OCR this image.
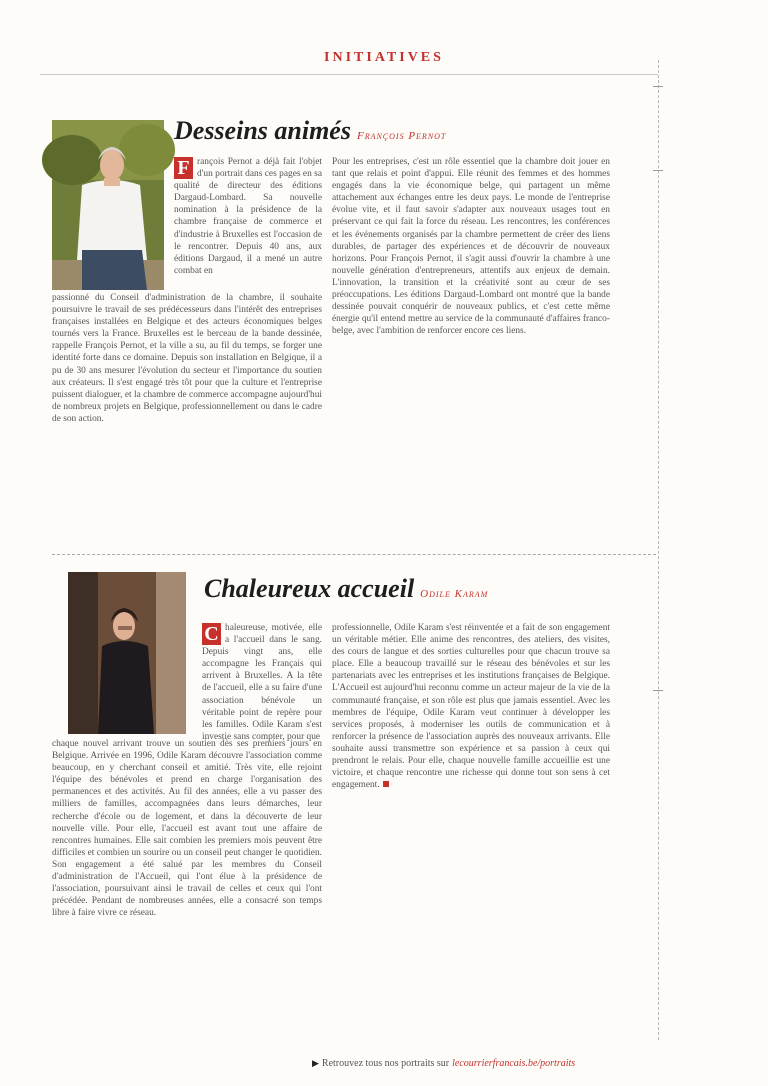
INITIATIVES
Desseins animés François Pernot
F rançois Pernot a déjà fait l'objet d'un portrait dans ces pages en sa qualité de directeur des éditions Dargaud-Lombard. Sa nouvelle nomination à la présidence de la chambre française de commerce et d'industrie à Bruxelles est l'occasion de le rencontrer. Depuis 40 ans, aux éditions Dargaud, il a mené un autre combat en
passionné du Conseil d'administration de la chambre, il souhaite poursuivre le travail de ses prédécesseurs dans l'intérêt des entreprises françaises installées en Belgique et des acteurs économiques belges tournés vers la France. Bruxelles est le berceau de la bande dessinée, rappelle François Pernot, et la ville a su, au fil du temps, se forger une identité forte dans ce domaine. Depuis son installation en Belgique, il a pu de 30 ans mesurer l'évolution du secteur et l'importance du soutien aux créateurs. Il s'est engagé très tôt pour que la culture et l'entreprise puissent dialoguer, et la chambre de commerce accompagne aujourd'hui de nombreux projets en Belgique, professionnellement ou dans le cadre de son action.
Pour les entreprises, c'est un rôle essentiel que la chambre doit jouer en tant que relais et point d'appui. Elle réunit des femmes et des hommes engagés dans la vie économique belge, qui partagent un même attachement aux échanges entre les deux pays. Le monde de l'entreprise évolue vite, et il faut savoir s'adapter aux nouveaux usages tout en préservant ce qui fait la force du réseau. Les rencontres, les conférences et les événements organisés par la chambre permettent de créer des liens durables, de partager des expériences et de découvrir de nouveaux horizons. Pour François Pernot, il s'agit aussi d'ouvrir la chambre à une nouvelle génération d'entrepreneurs, attentifs aux enjeux de demain. L'innovation, la transition et la créativité sont au cœur de ses préoccupations. Les éditions Dargaud-Lombard ont montré que la bande dessinée pouvait conquérir de nouveaux publics, et c'est cette même énergie qu'il entend mettre au service de la communauté d'affaires franco-belge, avec l'ambition de renforcer encore ces liens.
Chaleureux accueil Odile Karam
C haleureuse, motivée, elle a l'accueil dans le sang. Depuis vingt ans, elle accompagne les Français qui arrivent à Bruxelles. A la tête de l'accueil, elle a su faire d'une association bénévole un véritable point de repère pour les familles. Odile Karam s'est investie sans compter, pour que
chaque nouvel arrivant trouve un soutien dès ses premiers jours en Belgique. Arrivée en 1996, Odile Karam découvre l'association comme beaucoup, en y cherchant conseil et amitié. Très vite, elle rejoint l'équipe des bénévoles et prend en charge l'organisation des permanences et des activités. Au fil des années, elle a vu passer des milliers de familles, accompagnées dans leurs démarches, leur recherche d'école ou de logement, et dans la découverte de leur nouvelle ville. Pour elle, l'accueil est avant tout une affaire de rencontres humaines. Elle sait combien les premiers mois peuvent être difficiles et combien un sourire ou un conseil peut changer le quotidien. Son engagement a été salué par les membres du Conseil d'administration de l'Accueil, qui l'ont élue à la présidence de l'association, poursuivant ainsi le travail de celles et ceux qui l'ont précédée. Pendant de nombreuses années, elle a consacré son temps libre à faire vivre ce réseau.
professionnelle, Odile Karam s'est réinventée et a fait de son engagement un véritable métier. Elle anime des rencontres, des ateliers, des visites, des cours de langue et des sorties culturelles pour que chacun trouve sa place. Elle a beaucoup travaillé sur le réseau des bénévoles et sur les partenariats avec les entreprises et les institutions françaises de Belgique. L'Accueil est aujourd'hui reconnu comme un acteur majeur de la vie de la communauté française, et son rôle est plus que jamais essentiel. Avec les membres de l'équipe, Odile Karam veut continuer à développer les services proposés, à moderniser les outils de communication et à renforcer la présence de l'association auprès des nouveaux arrivants. Elle souhaite aussi transmettre son expérience et sa passion à ceux qui prendront le relais. Pour elle, chaque nouvelle famille accueillie est une victoire, et chaque rencontre une richesse qui donne tout son sens à cet engagement.
▶ Retrouvez tous nos portraits sur lecourrierfrancais.be/portraits
